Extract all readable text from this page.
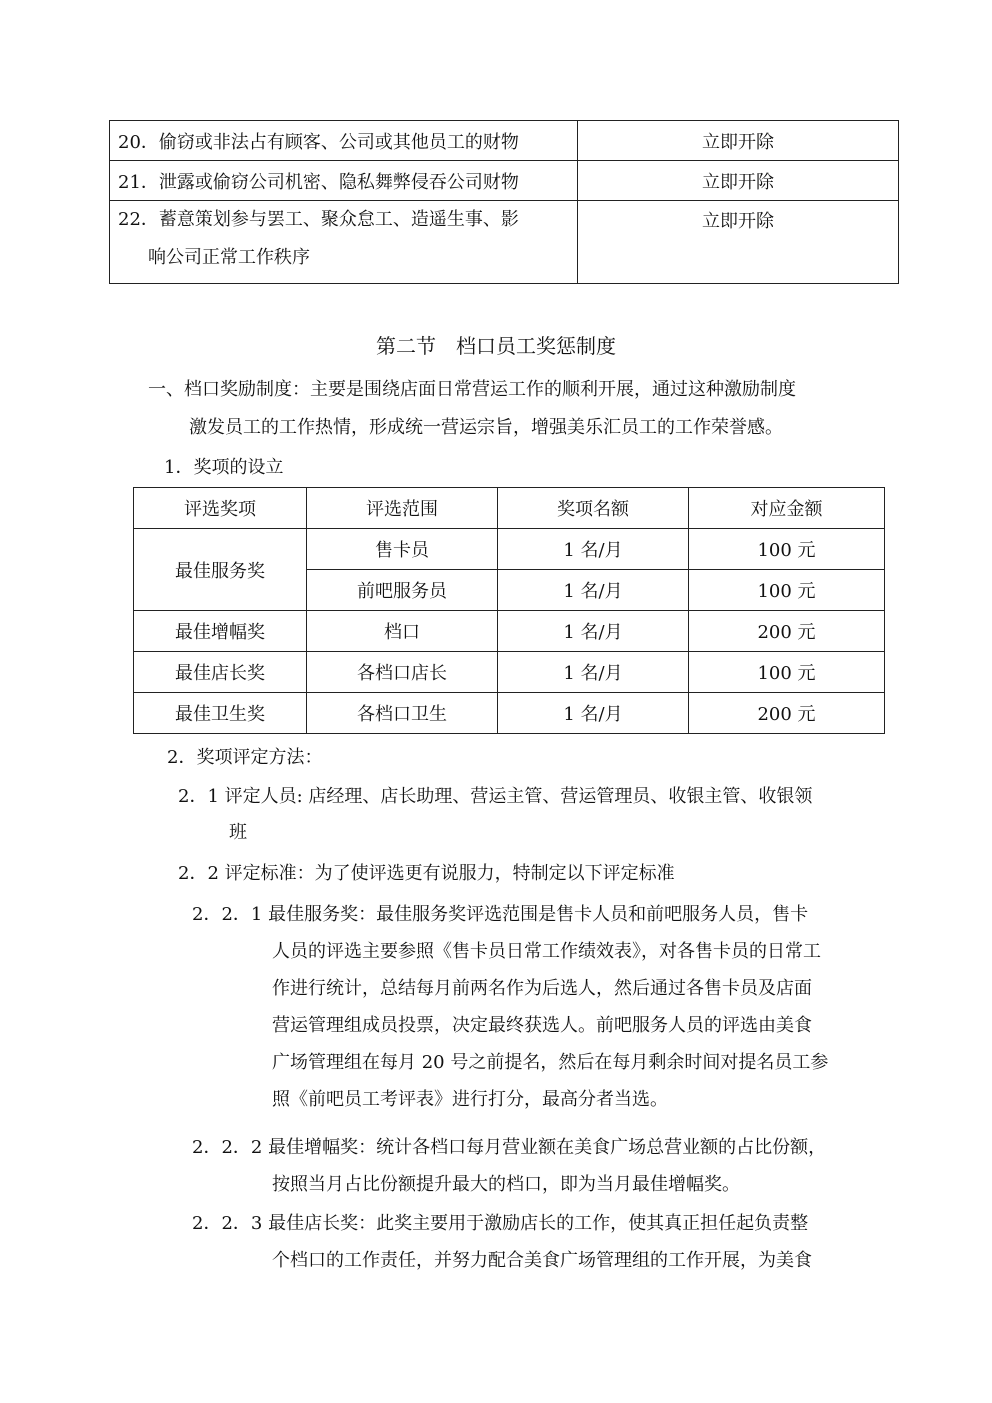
20．偷窃或非法占有顾客、公司或其他员工的财物	立即开除
21．泄露或偷窃公司机密、隐私舞弊侵吞公司财物	立即开除

22．蓄意策划参与罢工、聚众怠工、造遥生事、影
响公司正常工作秩序	立即开除
第二节　档口员工奖惩制度
一、档口奖励制度：主要是围绕店面日常营运工作的顺利开展，通过这种激励制度
激发员工的工作热情，形成统一营运宗旨，增强美乐汇员工的工作荣誉感。
1．奖项的设立
评选奖项	评选范围	奖项名额	对应金额
最佳服务奖	售卡员	1 名/月	100 元
	前吧服务员	1 名/月	100 元
最佳增幅奖	档口	1 名/月	200 元
最佳店长奖	各档口店长	1 名/月	100 元
最佳卫生奖	各档口卫生	1 名/月	200 元
2．奖项评定方法：
2．1 评定人员: 店经理、店长助理、营运主管、营运管理员、收银主管、收银领
班
2．2 评定标准：为了使评选更有说服力，特制定以下评定标准
2．2．1 最佳服务奖：最佳服务奖评选范围是售卡人员和前吧服务人员，售卡
人员的评选主要参照《售卡员日常工作绩效表》，对各售卡员的日常工
作进行统计，总结每月前两名作为后选人，然后通过各售卡员及店面
营运管理组成员投票，决定最终获选人。前吧服务人员的评选由美食
广场管理组在每月 20 号之前提名，然后在每月剩余时间对提名员工参
照《前吧员工考评表》进行打分，最高分者当选。
2．2．2 最佳增幅奖：统计各档口每月营业额在美食广场总营业额的占比份额，
按照当月占比份额提升最大的档口，即为当月最佳增幅奖。
2．2．3 最佳店长奖：此奖主要用于激励店长的工作，使其真正担任起负责整
个档口的工作责任，并努力配合美食广场管理组的工作开展，为美食
